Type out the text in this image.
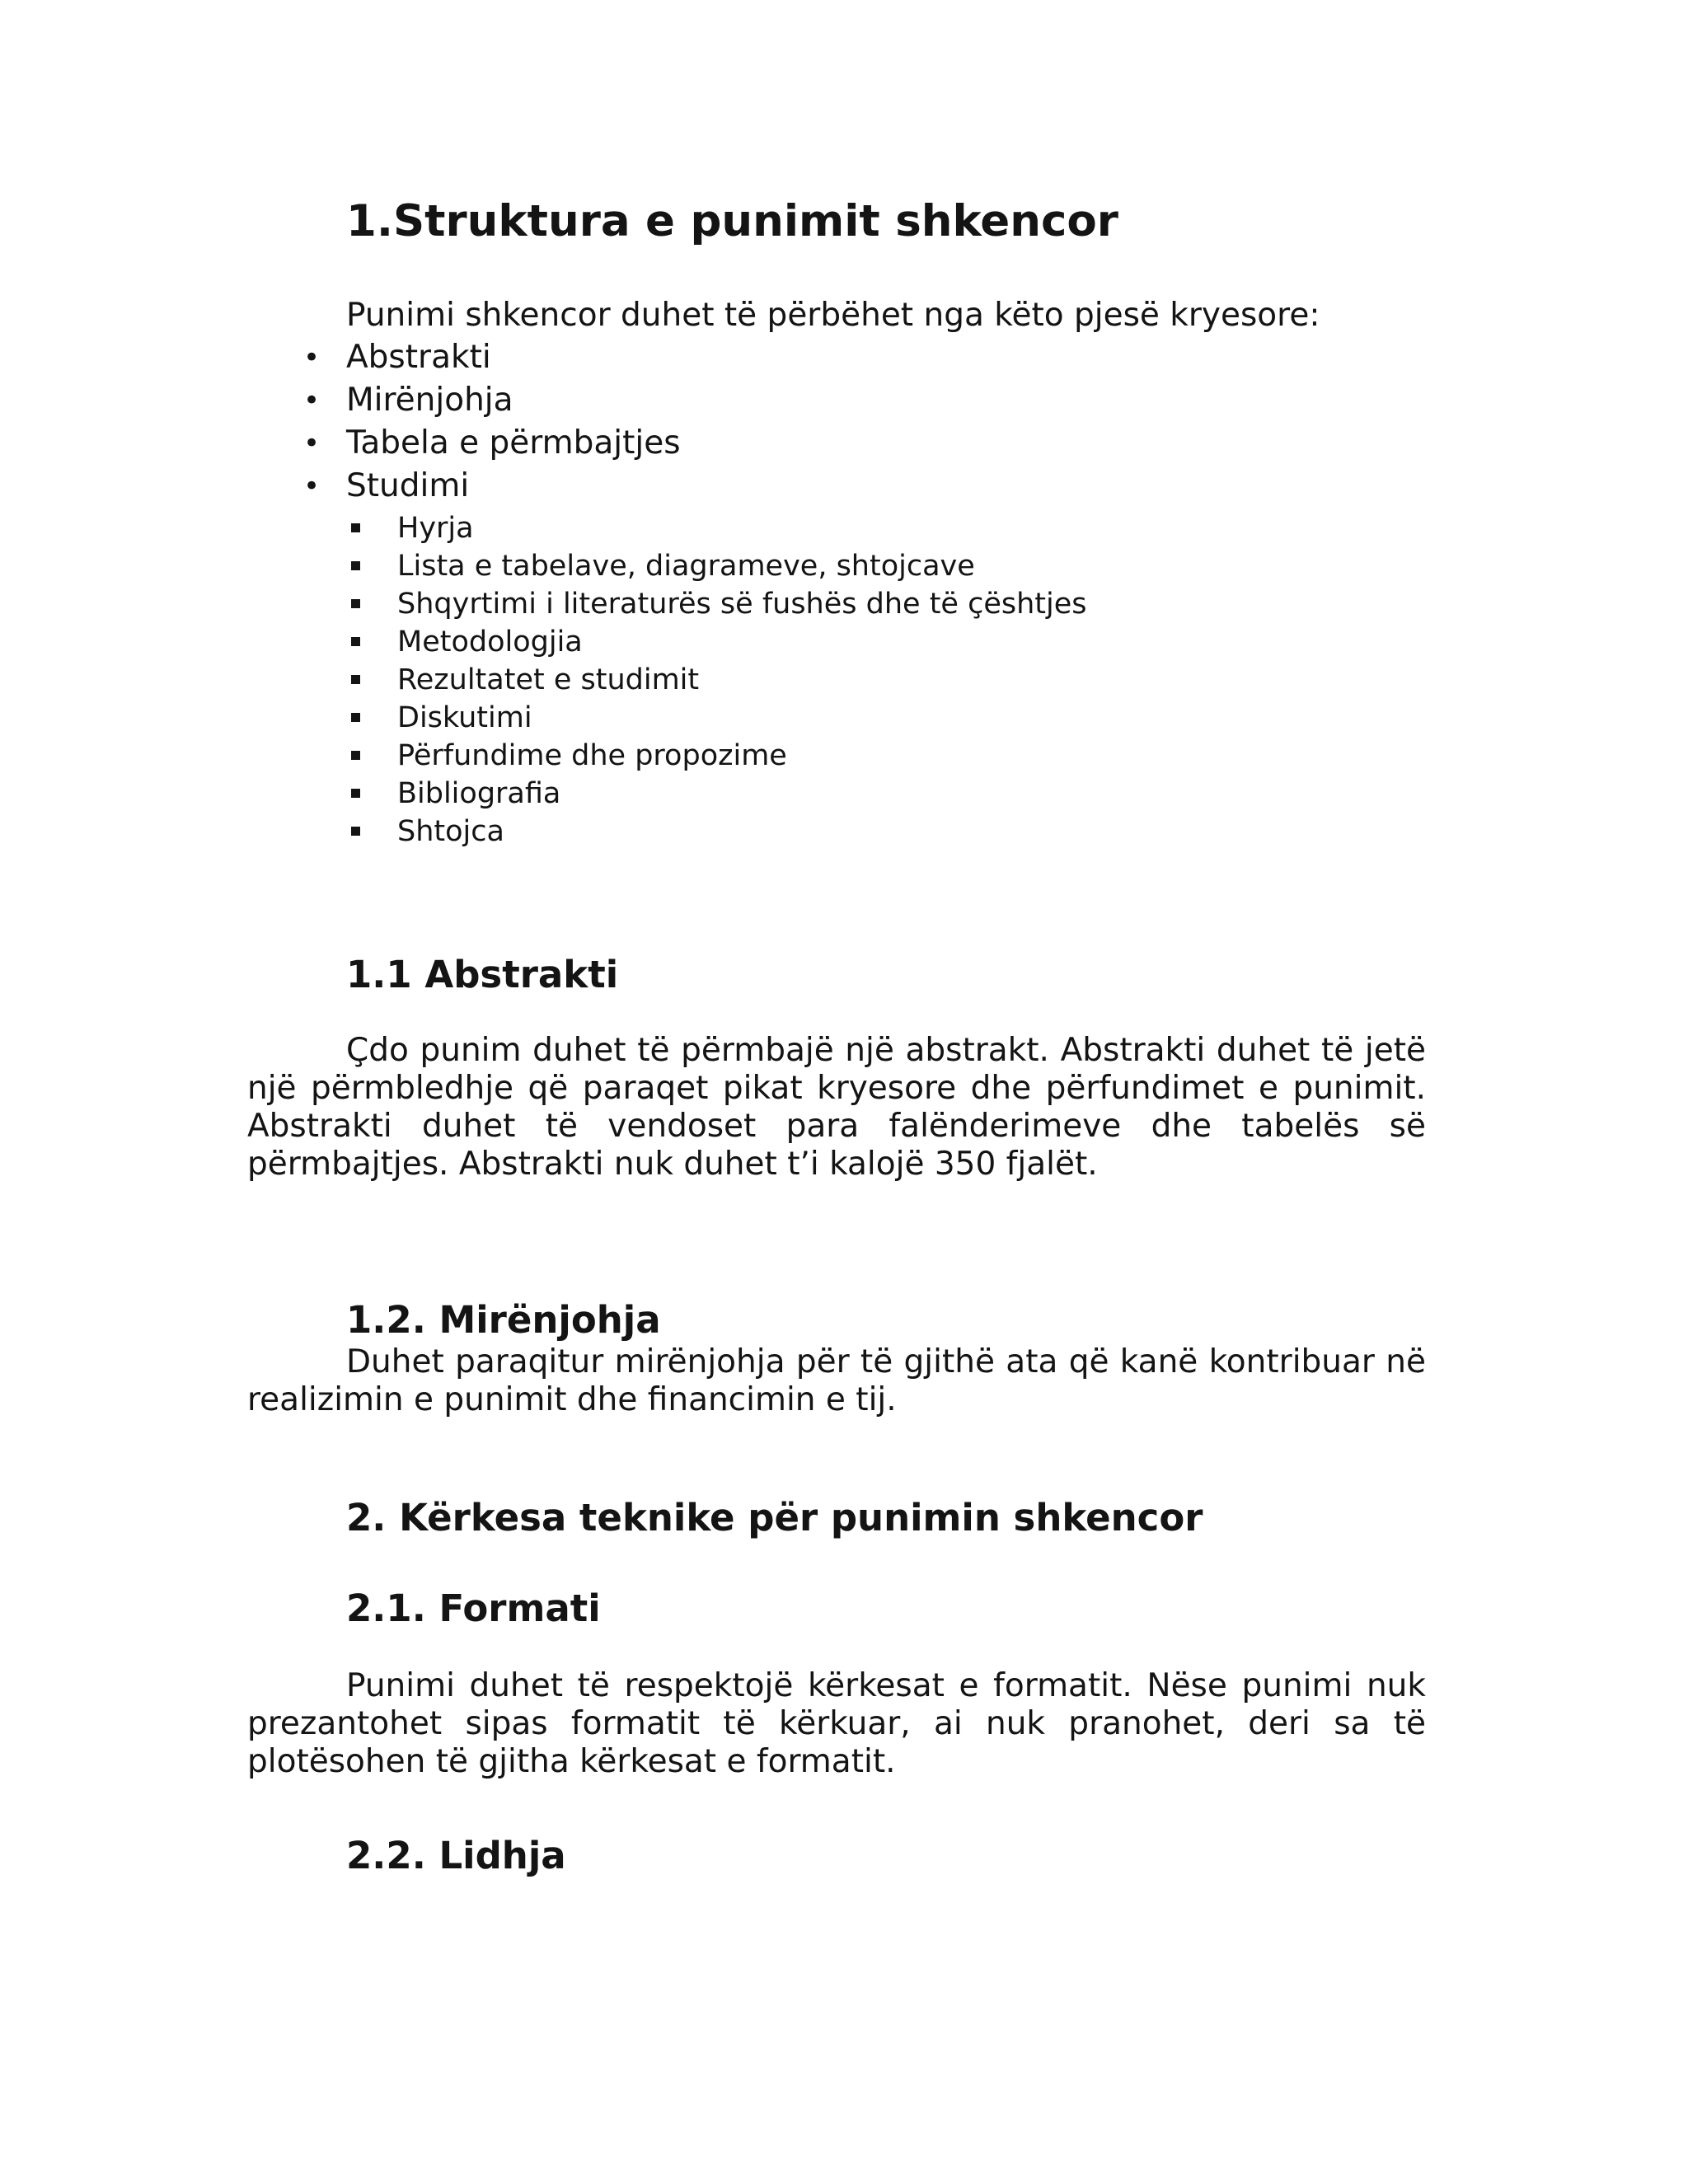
1.Struktura e punimit shkencor
Punimi shkencor duhet të përbëhet nga këto pjesë kryesore:
• Abstrakti
• Mirënjohja
• Tabela e përmbajtjes
• Studimi
Hyrja
Lista e tabelave, diagrameve, shtojcave
Shqyrtimi i literaturës së fushës dhe të çështjes
Metodologjia
Rezultatet e studimit
Diskutimi
Përfundime dhe propozime
Bibliografia
Shtojca
1.1 Abstrakti

Çdo punim duhet të përmbajë një abstrakt. Abstrakti duhet të jetë një përmbledhje që paraqet pikat kryesore dhe përfundimet e punimit. Abstrakti duhet të vendoset para falënderimeve dhe tabelës së përmbajtjes. Abstrakti nuk duhet t’i kalojë 350 fjalët.

1.2. Mirënjohja

Duhet paraqitur mirënjohja për të gjithë ata që kanë kontribuar në realizimin e punimit dhe financimin e tij.

2. Kërkesa teknike për punimin shkencor
2.1. Formati

Punimi duhet të respektojë kërkesat e formatit. Nëse punimi nuk prezantohet sipas formatit të kërkuar, ai nuk pranohet, deri sa të plotësohen të gjitha kërkesat e formatit.

2.2. Lidhja
